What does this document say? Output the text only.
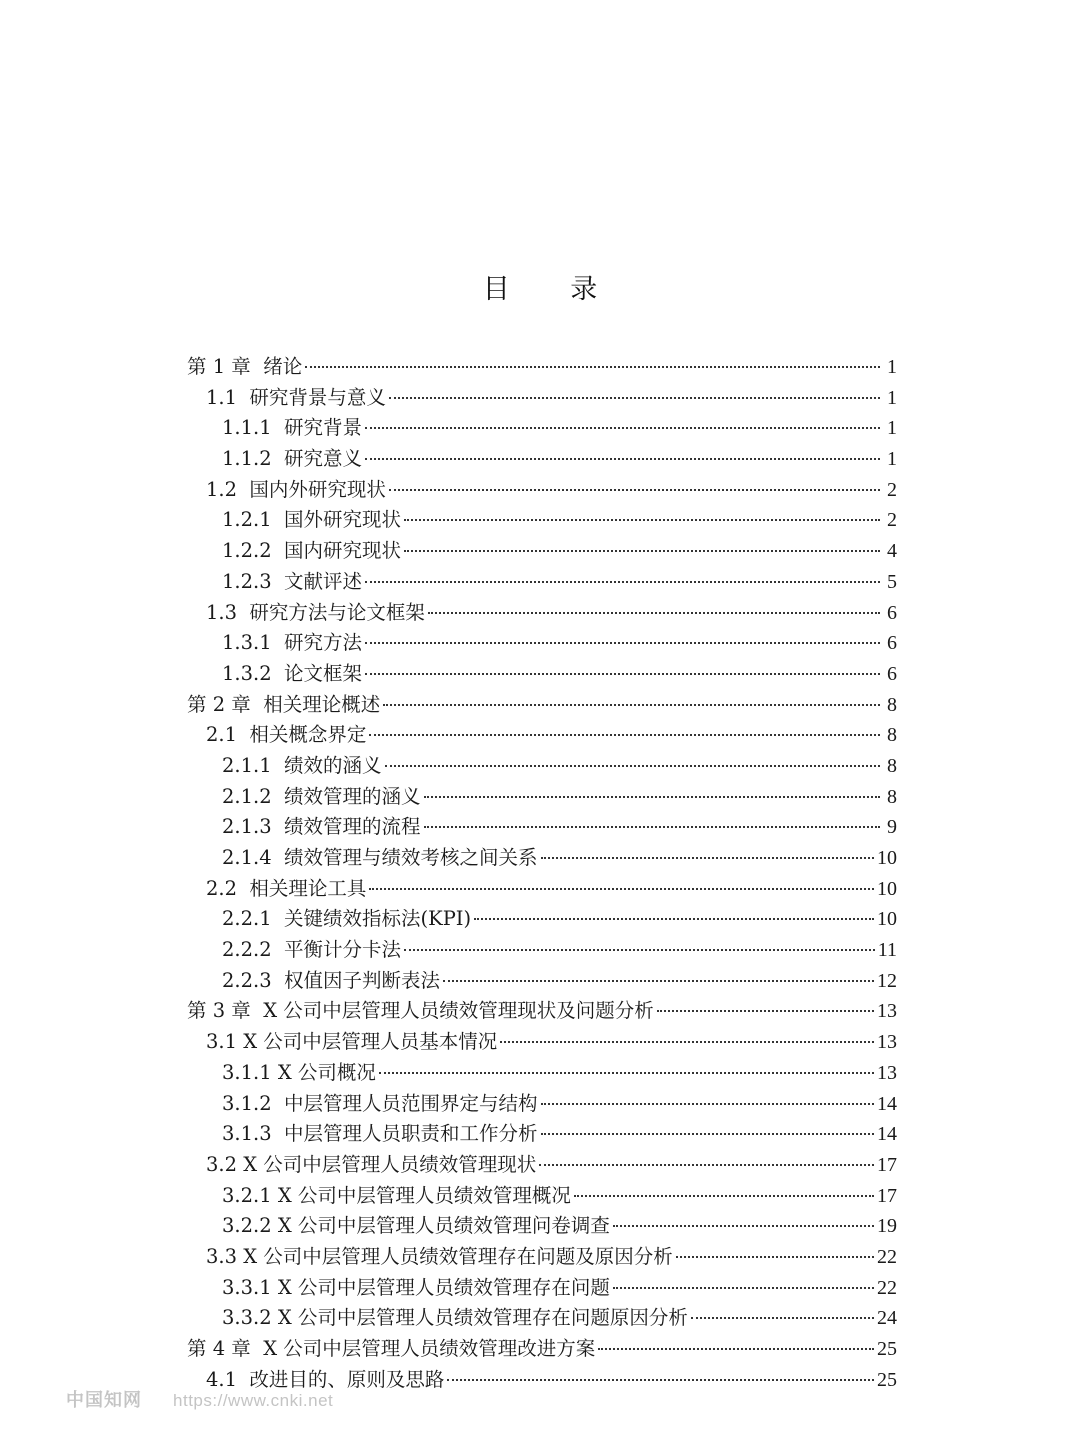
目 录
第 1 章  绪论	1
1.1  研究背景与意义	1
1.1.1  研究背景	1
1.1.2  研究意义	1
1.2  国内外研究现状	2
1.2.1  国外研究现状	2
1.2.2  国内研究现状	4
1.2.3  文献评述	5
1.3  研究方法与论文框架	6
1.3.1  研究方法	6
1.3.2  论文框架	6
第 2 章  相关理论概述	8
2.1  相关概念界定	8
2.1.1  绩效的涵义	8
2.1.2  绩效管理的涵义	8
2.1.3  绩效管理的流程	9
2.1.4  绩效管理与绩效考核之间关系	10
2.2  相关理论工具	10
2.2.1  关键绩效指标法(KPI)	10
2.2.2  平衡计分卡法	11
2.2.3  权值因子判断表法	12
第 3 章  X 公司中层管理人员绩效管理现状及问题分析	13
3.1 X 公司中层管理人员基本情况	13
3.1.1 X 公司概况	13
3.1.2  中层管理人员范围界定与结构	14
3.1.3  中层管理人员职责和工作分析	14
3.2 X 公司中层管理人员绩效管理现状	17
3.2.1 X 公司中层管理人员绩效管理概况	17
3.2.2 X 公司中层管理人员绩效管理问卷调查	19
3.3 X 公司中层管理人员绩效管理存在问题及原因分析	22
3.3.1 X 公司中层管理人员绩效管理存在问题	22
3.3.2 X 公司中层管理人员绩效管理存在问题原因分析	24
第 4 章  X 公司中层管理人员绩效管理改进方案	25
4.1  改进目的、原则及思路	25
中国知网 https://www.cnki.net
